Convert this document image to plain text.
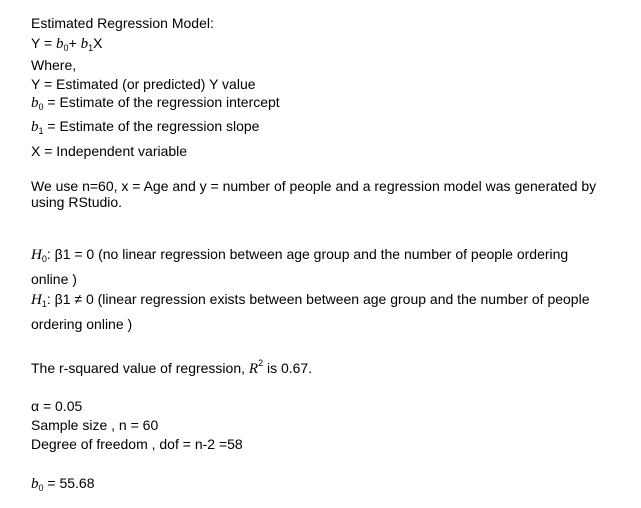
Estimated Regression Model:
$Y = b_0+ b_1X$
Where,
Y = Estimated (or predicted) Y value
$b_0$ = Estimate of the regression intercept
$b_1$ = Estimate of the regression slope
X = Independent variable
We use n=60, x = Age and y = number of people and a regression model was generated by using RStudio.
$H_0$: β1 = 0 (no linear regression between age group and the number of people ordering
online )
$H_1$: β1 ≠ 0 (linear regression exists between between age group and the number of people
ordering online )
The r-squared value of regression, $R^2$ is 0.67.
α = 0.05
Sample size , n = 60
Degree of freedom , dof = n-2 =58
$b_0 = 55.68$
